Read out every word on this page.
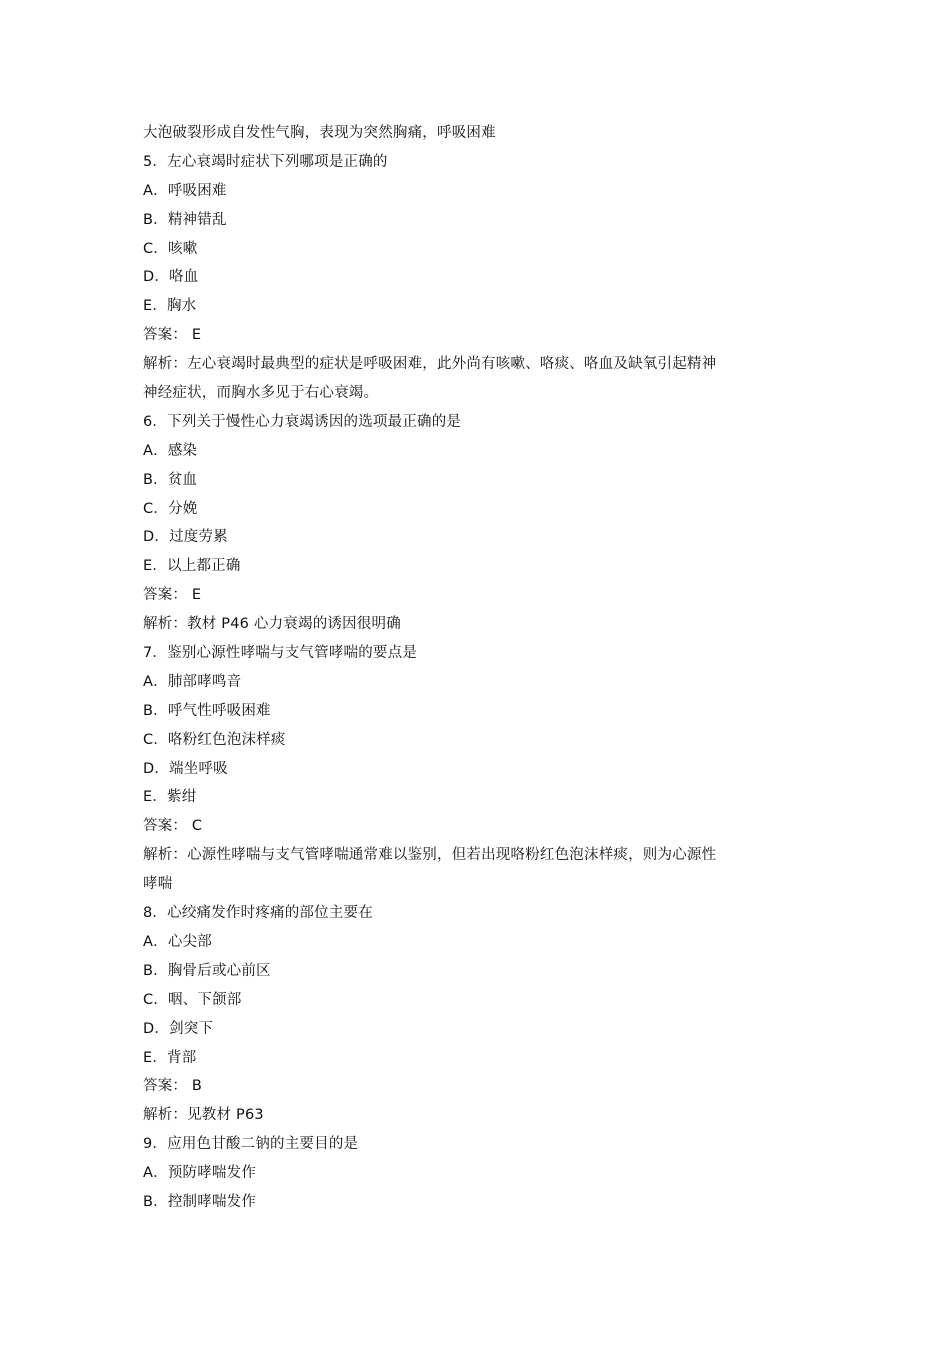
大泡破裂形成自发性气胸，表现为突然胸痛，呼吸困难
5．左心衰竭时症状下列哪项是正确的
A．呼吸困难
B．精神错乱
C．咳嗽
D．咯血
E．胸水
答案： E
解析：左心衰竭时最典型的症状是呼吸困难，此外尚有咳嗽、咯痰、咯血及缺氧引起精神
神经症状，而胸水多见于右心衰竭。
6．下列关于慢性心力衰竭诱因的选项最正确的是
A．感染
B．贫血
C．分娩
D．过度劳累
E．以上都正确
答案： E
解析：教材 P46 心力衰竭的诱因很明确
7．鉴别心源性哮喘与支气管哮喘的要点是
A．肺部哮鸣音
B．呼气性呼吸困难
C．咯粉红色泡沫样痰
D．端坐呼吸
E．紫绀
答案： C
解析：心源性哮喘与支气管哮喘通常难以鉴别，但若出现咯粉红色泡沫样痰，则为心源性
哮喘
8．心绞痛发作时疼痛的部位主要在
A．心尖部
B．胸骨后或心前区
C．咽、下颌部
D．剑突下
E．背部
答案： B
解析：见教材 P63
9．应用色甘酸二钠的主要目的是
A．预防哮喘发作
B．控制哮喘发作
